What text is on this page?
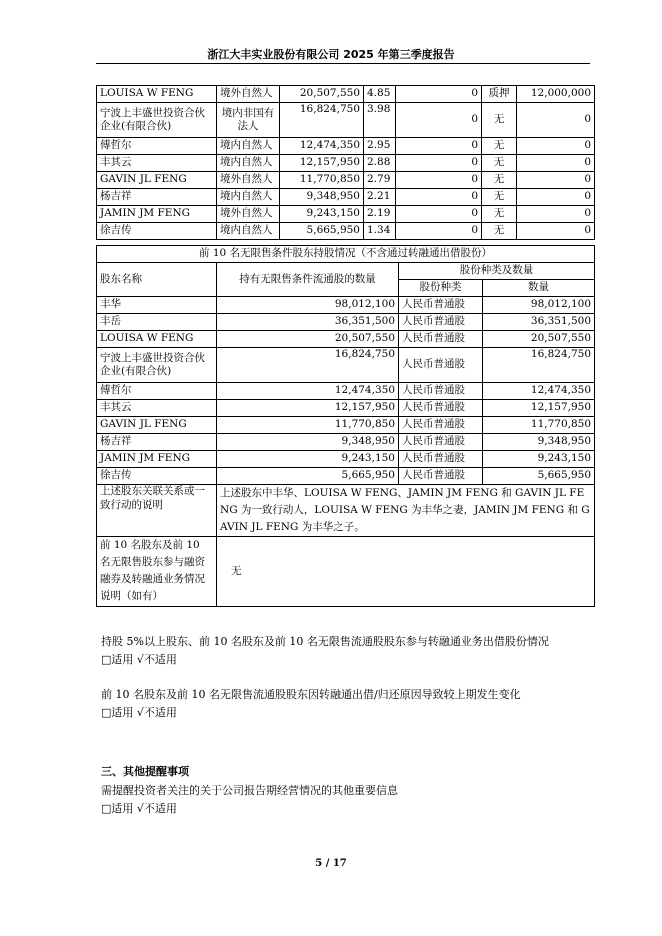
浙江大丰实业股份有限公司 2025 年第三季度报告
LOUISA W FENG	境外自然人	20,507,550	4.85	0	质押	12,000,000
宁波上丰盛世投资合伙企业(有限合伙)	境内非国有法人	16,824,750	3.98	0	无	0
傅哲尔	境内自然人	12,474,350	2.95	0	无	0
丰其云	境内自然人	12,157,950	2.88	0	无	0
GAVIN JL FENG	境外自然人	11,770,850	2.79	0	无	0
杨吉祥	境内自然人	9,348,950	2.21	0	无	0
JAMIN JM FENG	境外自然人	9,243,150	2.19	0	无	0
徐吉传	境内自然人	5,665,950	1.34	0	无	0
前 10 名无限售条件股东持股情况（不含通过转融通出借股份）			
股东名称	持有无限售条件流通股的数量	股份种类及数量	
		股份种类	数量
丰华	98,012,100	人民币普通股	98,012,100
丰岳	36,351,500	人民币普通股	36,351,500
LOUISA W FENG	20,507,550	人民币普通股	20,507,550
宁波上丰盛世投资合伙企业(有限合伙)	16,824,750	人民币普通股	16,824,750
傅哲尔	12,474,350	人民币普通股	12,474,350
丰其云	12,157,950	人民币普通股	12,157,950
GAVIN JL FENG	11,770,850	人民币普通股	11,770,850
杨吉祥	9,348,950	人民币普通股	9,348,950
JAMIN JM FENG	9,243,150	人民币普通股	9,243,150
徐吉传	5,665,950	人民币普通股	5,665,950
上述股东关联关系或一致行动的说明	上述股东中丰华、LOUISA W FENG、JAMIN JM FENG 和 GAVIN JL FENG 为一致行动人，LOUISA W FENG 为丰华之妻，JAMIN JM FENG 和 GAVIN JL FENG 为丰华之子。		
前 10 名股东及前 10 名无限售股东参与融资融券及转融通业务情况说明（如有）	无		
持股 5%以上股东、前 10 名股东及前 10 名无限售流通股股东参与转融通业务出借股份情况
□适用 √不适用
前 10 名股东及前 10 名无限售流通股股东因转融通出借/归还原因导致较上期发生变化
□适用 √不适用
三、其他提醒事项
需提醒投资者关注的关于公司报告期经营情况的其他重要信息
□适用 √不适用
5 / 17
